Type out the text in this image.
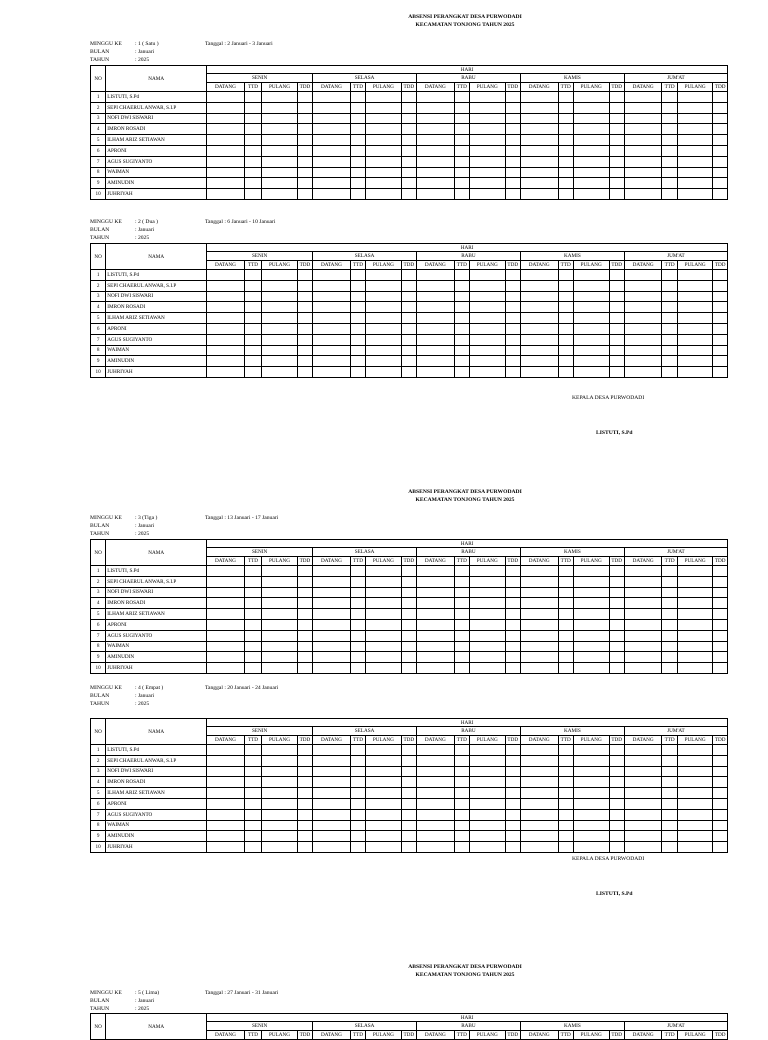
ABSENSI PERANGKAT DESA PURWODADI
KECAMATAN TONJONG TAHUN 2025
MINGGU KE	: 1 ( Satu )	Tanggal : 2 Januari - 3 Januari
BULAN	: Januari
TAHUN	: 2025
NO	NAMA	HARI																			
		SENIN				SELASA				RABU				KAMIS				JUM'AT			
		DATANG	TTD	PULANG	TDD	DATANG	TTD	PULANG	TDD	DATANG	TTD	PULANG	TDD	DATANG	TTD	PULANG	TDD	DATANG	TTD	PULANG	TDD
1	LISTUTI, S.Pd																				
2	SEPI CHAERUL ANWAR, S.I.P																				
3	NOFI DWI SISWARI																				
4	IMRON ROSADI																				
5	ILHAM ARIZ SETIAWAN																				
6	APRONI																				
7	AGUS SUGIYANTO																				
8	WAIMAN																				
9	AMINUDIN																				
10	JUHRIYAH																				
MINGGU KE	: 2 ( Dua )	Tanggal : 6 Januari - 10 Januari
BULAN	: Januari
TAHUN	: 2025
NO	NAMA	HARI																			
		SENIN				SELASA				RABU				KAMIS				JUM'AT			
		DATANG	TTD	PULANG	TDD	DATANG	TTD	PULANG	TDD	DATANG	TTD	PULANG	TDD	DATANG	TTD	PULANG	TDD	DATANG	TTD	PULANG	TDD
1	LISTUTI, S.Pd																				
2	SEPI CHAERUL ANWAR, S.I.P																				
3	NOFI DWI SISWARI																				
4	IMRON ROSADI																				
5	ILHAM ARIZ SETIAWAN																				
6	APRONI																				
7	AGUS SUGIYANTO																				
8	WAIMAN																				
9	AMINUDIN																				
10	JUHRIYAH																				
KEPALA DESA PURWODADI
LISTUTI, S.Pd
ABSENSI PERANGKAT DESA PURWODADI
KECAMATAN TONJONG TAHUN 2025
MINGGU KE	: 3 (Tiga )	Tanggal : 13 Januari - 17 Januari
BULAN	: Januari
TAHUN	: 2025
NO	NAMA	HARI																			
		SENIN				SELASA				RABU				KAMIS				JUM'AT			
		DATANG	TTD	PULANG	TDD	DATANG	TTD	PULANG	TDD	DATANG	TTD	PULANG	TDD	DATANG	TTD	PULANG	TDD	DATANG	TTD	PULANG	TDD
1	LISTUTI, S.Pd																				
2	SEPI CHAERUL ANWAR, S.I.P																				
3	NOFI DWI SISWARI																				
4	IMRON ROSADI																				
5	ILHAM ARIZ SETIAWAN																				
6	APRONI																				
7	AGUS SUGIYANTO																				
8	WAIMAN																				
9	AMINUDIN																				
10	JUHRIYAH																				
MINGGU KE	: 4 ( Empat )	Tanggal : 20 Januari - 24 Januari
BULAN	: Januari
TAHUN	: 2025
NO	NAMA	HARI																			
		SENIN				SELASA				RABU				KAMIS				JUM'AT			
		DATANG	TTD	PULANG	TDD	DATANG	TTD	PULANG	TDD	DATANG	TTD	PULANG	TDD	DATANG	TTD	PULANG	TDD	DATANG	TTD	PULANG	TDD
1	LISTUTI, S.Pd																				
2	SEPI CHAERUL ANWAR, S.I.P																				
3	NOFI DWI SISWARI																				
4	IMRON ROSADI																				
5	ILHAM ARIZ SETIAWAN																				
6	APRONI																				
7	AGUS SUGIYANTO																				
8	WAIMAN																				
9	AMINUDIN																				
10	JUHRIYAH																				
KEPALA DESA PURWODADI
LISTUTI, S.Pd
ABSENSI PERANGKAT DESA PURWODADI
KECAMATAN TONJONG TAHUN 2025
MINGGU KE	: 5 ( Lima)	Tanggal : 27 Januari - 31 Januari
BULAN	: Januari
TAHUN	: 2025
NO	NAMA	HARI																			
		SENIN				SELASA				RABU				KAMIS				JUM'AT			
		DATANG	TTD	PULANG	TDD	DATANG	TTD	PULANG	TDD	DATANG	TTD	PULANG	TDD	DATANG	TTD	PULANG	TDD	DATANG	TTD	PULANG	TDD
